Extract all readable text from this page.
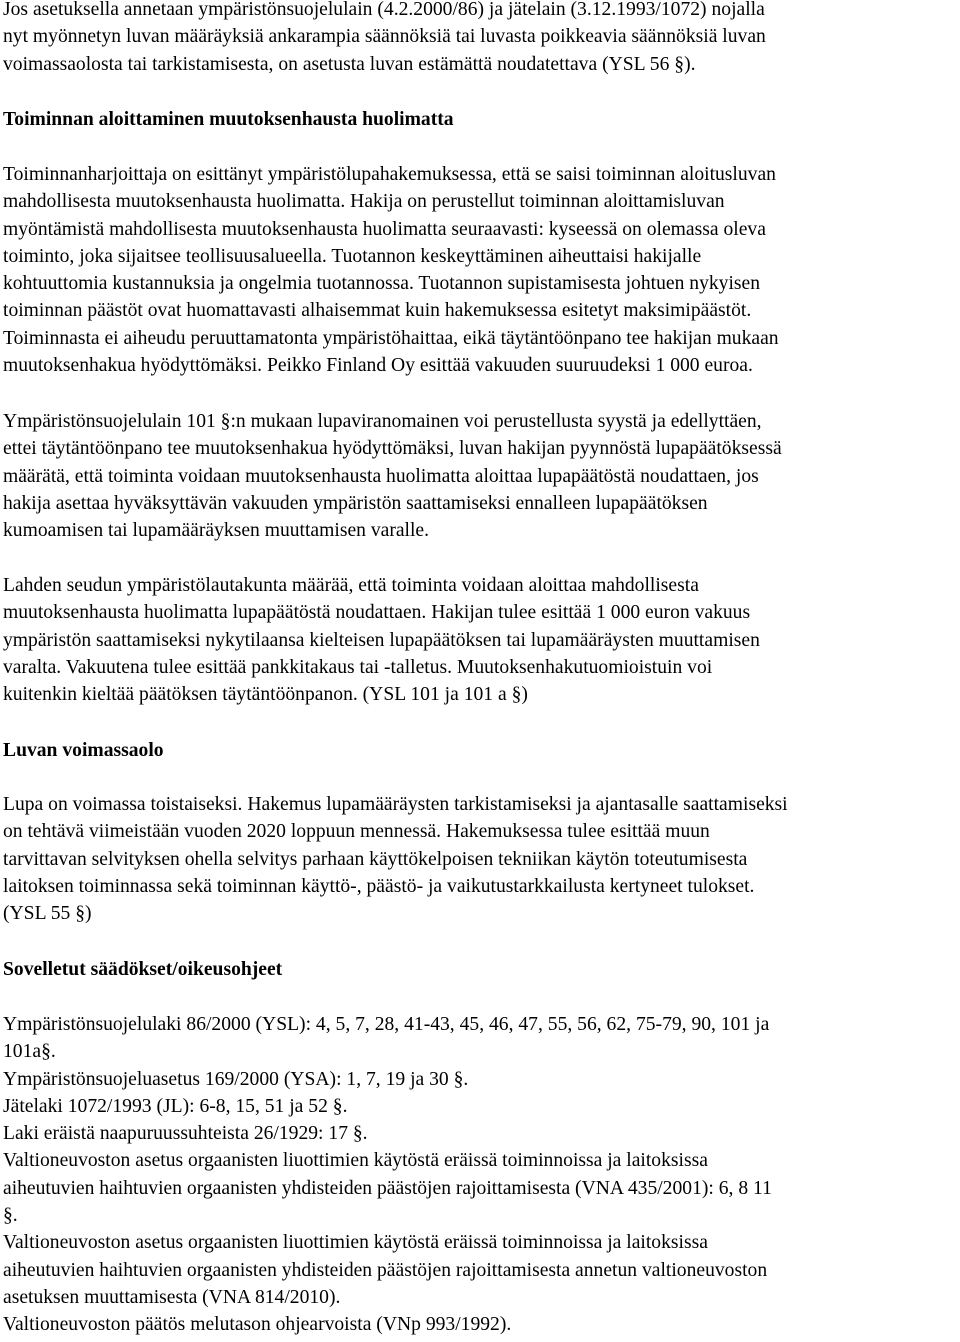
Jos asetuksella annetaan ympäristönsuojelulain (4.2.2000/86) ja jätelain (3.12.1993/1072) nojalla
nyt myönnetyn luvan määräyksiä ankarampia säännöksiä tai luvasta poikkeavia säännöksiä luvan
voimassaolosta tai tarkistamisesta, on asetusta luvan estämättä noudatettava (YSL 56 §).

Toiminnan aloittaminen muutoksenhausta huolimatta

Toiminnanharjoittaja on esittänyt ympäristölupahakemuksessa, että se saisi toiminnan aloitusluvan
mahdollisesta muutoksenhausta huolimatta. Hakija on perustellut toiminnan aloittamisluvan
myöntämistä mahdollisesta muutoksenhausta huolimatta seuraavasti: kyseessä on olemassa oleva
toiminto, joka sijaitsee teollisuusalueella. Tuotannon keskeyttäminen aiheuttaisi hakijalle
kohtuuttomia kustannuksia ja ongelmia tuotannossa. Tuotannon supistamisesta johtuen nykyisen
toiminnan päästöt ovat huomattavasti alhaisemmat kuin hakemuksessa esitetyt maksimipäästöt.
Toiminnasta ei aiheudu peruuttamatonta ympäristöhaittaa, eikä täytäntöönpano tee hakijan mukaan
muutoksenhakua hyödyttömäksi. Peikko Finland Oy esittää vakuuden suuruudeksi 1 000 euroa.

Ympäristönsuojelulain 101 §:n mukaan lupaviranomainen voi perustellusta syystä ja edellyttäen,
ettei täytäntöönpano tee muutoksenhakua hyödyttömäksi, luvan hakijan pyynnöstä lupapäätöksessä
määrätä, että toiminta voidaan muutoksenhausta huolimatta aloittaa lupapäätöstä noudattaen, jos
hakija asettaa hyväksyttävän vakuuden ympäristön saattamiseksi ennalleen lupapäätöksen
kumoamisen tai lupamääräyksen muuttamisen varalle.

Lahden seudun ympäristölautakunta määrää, että toiminta voidaan aloittaa mahdollisesta
muutoksenhausta huolimatta lupapäätöstä noudattaen. Hakijan tulee esittää 1 000 euron vakuus
ympäristön saattamiseksi nykytilaansa kielteisen lupapäätöksen tai lupamääräysten muuttamisen
varalta. Vakuutena tulee esittää pankkitakaus tai -talletus. Muutoksenhakutuomioistuin voi
kuitenkin kieltää päätöksen täytäntöönpanon. (YSL 101 ja 101 a §)

Luvan voimassaolo

Lupa on voimassa toistaiseksi. Hakemus lupamääräysten tarkistamiseksi ja ajantasalle saattamiseksi
on tehtävä viimeistään vuoden 2020 loppuun mennessä. Hakemuksessa tulee esittää muun
tarvittavan selvityksen ohella selvitys parhaan käyttökelpoisen tekniikan käytön toteutumisesta
laitoksen toiminnassa sekä toiminnan käyttö-, päästö- ja vaikutustarkkailusta kertyneet tulokset.
(YSL 55 §)

Sovelletut säädökset/oikeusohjeet

Ympäristönsuojelulaki 86/2000 (YSL): 4, 5, 7, 28, 41-43, 45, 46, 47, 55, 56, 62, 75-79, 90, 101 ja
101a§.
Ympäristönsuojeluasetus 169/2000 (YSA): 1, 7, 19 ja 30 §.
Jätelaki 1072/1993 (JL): 6-8, 15, 51 ja 52 §.
Laki eräistä naapuruussuhteista 26/1929: 17 §.
Valtioneuvoston asetus orgaanisten liuottimien käytöstä eräissä toiminnoissa ja laitoksissa
aiheutuvien haihtuvien orgaanisten yhdisteiden päästöjen rajoittamisesta (VNA 435/2001): 6, 8 11
§.
Valtioneuvoston asetus orgaanisten liuottimien käytöstä eräissä toiminnoissa ja laitoksissa
aiheutuvien haihtuvien orgaanisten yhdisteiden päästöjen rajoittamisesta annetun valtioneuvoston
asetuksen muuttamisesta (VNA 814/2010).
Valtioneuvoston päätös melutason ohjearvoista (VNp 993/1992).
